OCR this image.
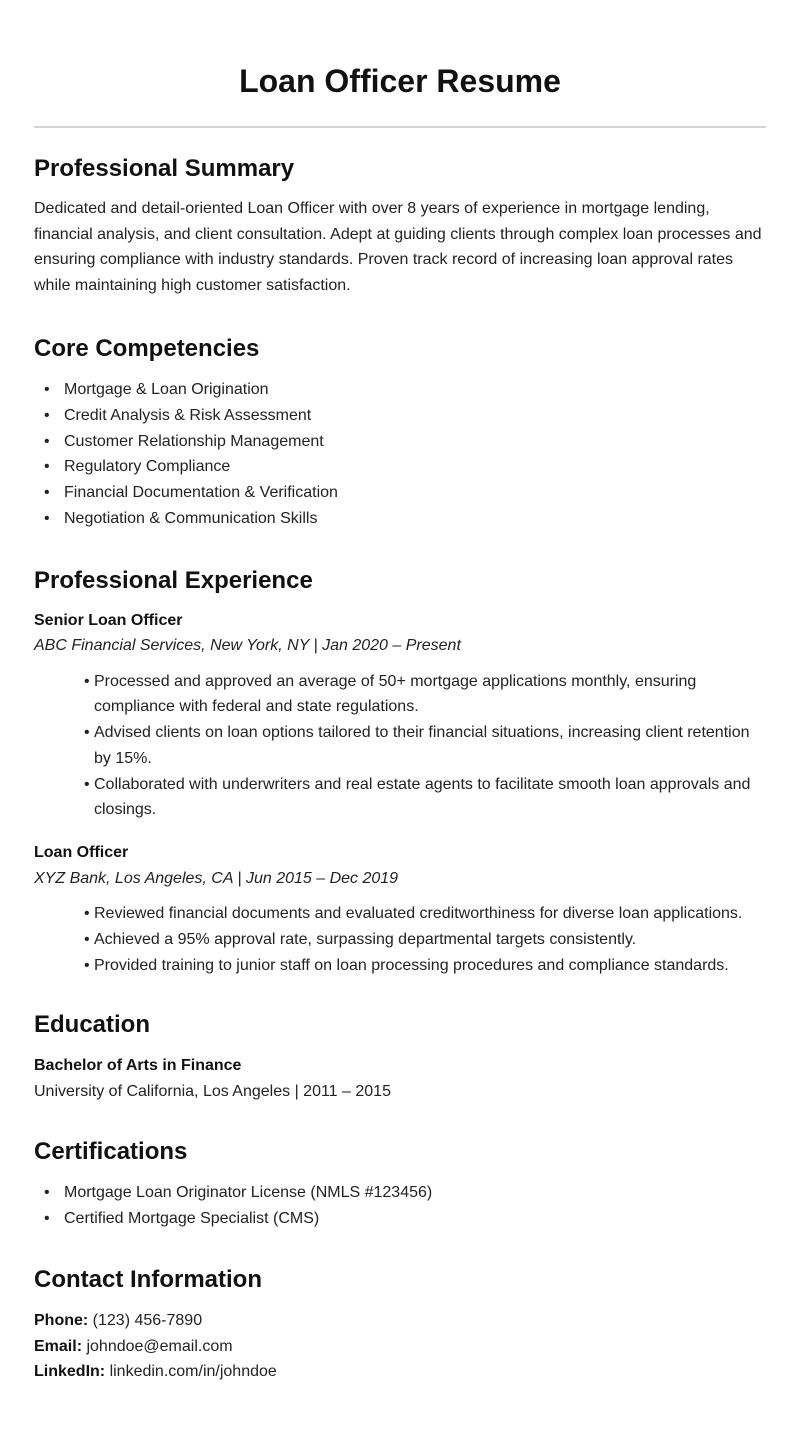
Loan Officer Resume
Professional Summary

Dedicated and detail-oriented Loan Officer with over 8 years of experience in mortgage lending, financial analysis, and client consultation. Adept at guiding clients through complex loan processes and ensuring compliance with industry standards. Proven track record of increasing loan approval rates while maintaining high customer satisfaction.

Core Competencies
• Mortgage & Loan Origination
• Credit Analysis & Risk Assessment
• Customer Relationship Management
• Regulatory Compliance
• Financial Documentation & Verification
• Negotiation & Communication Skills
Professional Experience

Senior Loan Officer

ABC Financial Services, New York, NY | Jan 2020 – Present

• Processed and approved an average of 50+ mortgage applications monthly, ensuring compliance with federal and state regulations.
• Advised clients on loan options tailored to their financial situations, increasing client retention by 15%.
• Collaborated with underwriters and real estate agents to facilitate smooth loan approvals and closings.

Loan Officer

XYZ Bank, Los Angeles, CA | Jun 2015 – Dec 2019

• Reviewed financial documents and evaluated creditworthiness for diverse loan applications.
• Achieved a 95% approval rate, surpassing departmental targets consistently.
• Provided training to junior staff on loan processing procedures and compliance standards.
Education

Bachelor of Arts in Finance

University of California, Los Angeles | 2011 – 2015

Certifications
• Mortgage Loan Originator License (NMLS #123456)
• Certified Mortgage Specialist (CMS)
Contact Information

Phone: (123) 456-7890

Email: johndoe@email.com

LinkedIn: linkedin.com/in/johndoe
